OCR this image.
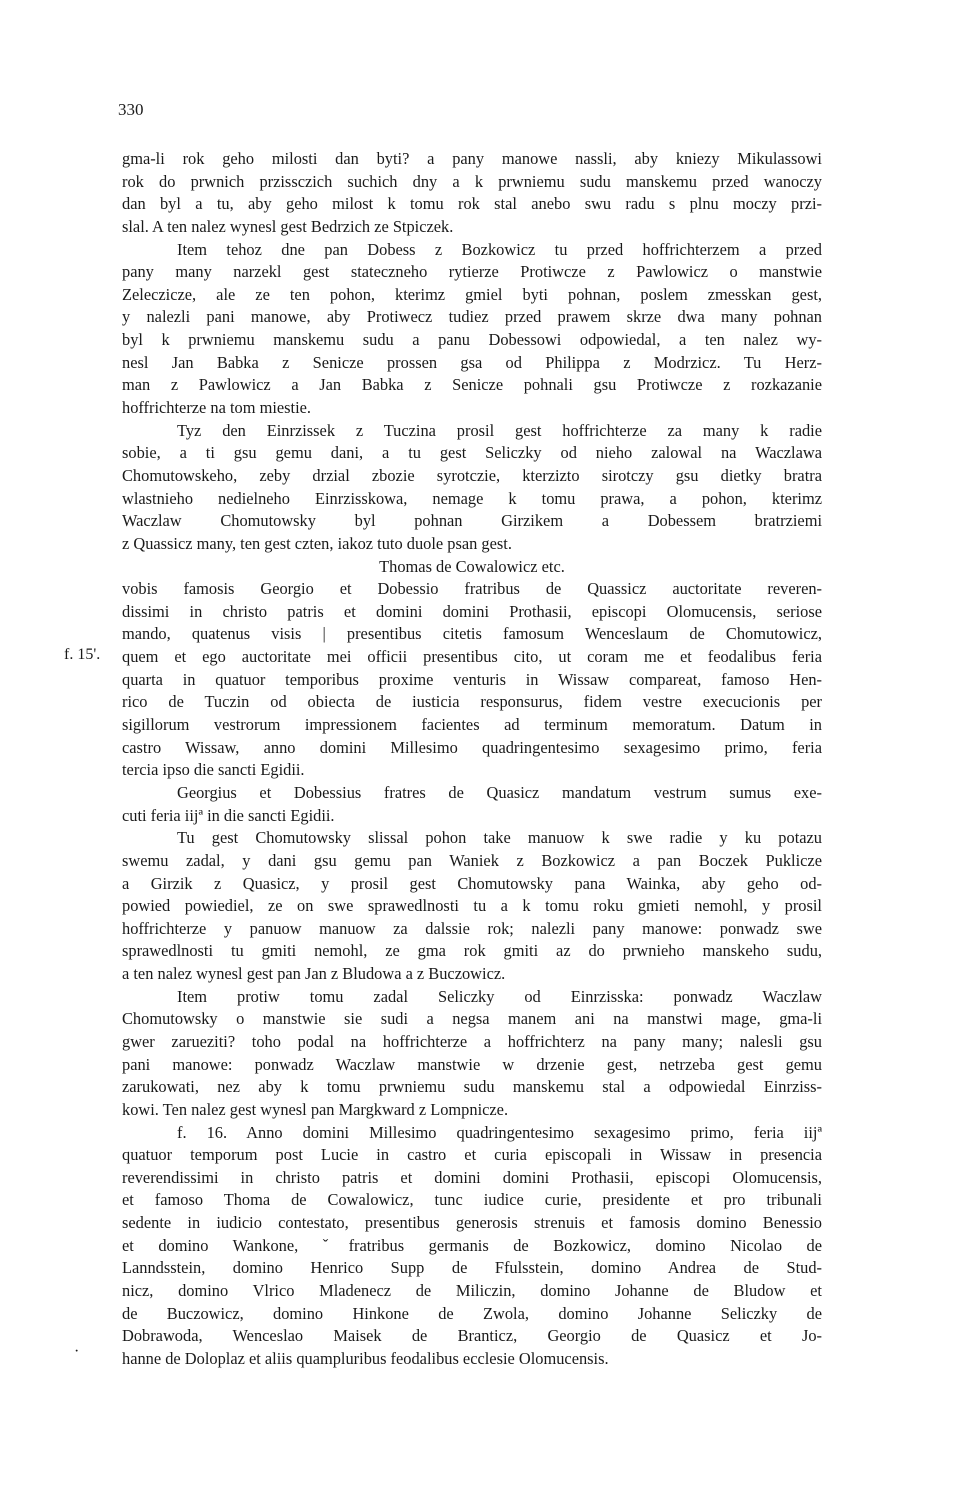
330
f. 15'.
·
gma-li rok geho milosti dan byti? a pany manowe nassli, aby kniezy Mikulassowi
rok do prwnich przissczich suchich dny a k prwniemu sudu manskemu przed wanoczy
dan byl a tu, aby geho milost k tomu rok stal anebo swu radu s plnu moczy przi-
slal. A ten nalez wynesl gest Bedrzich ze Stpiczek.
Item tehoz dne pan Dobess z Bozkowicz tu przed hoffrichterzem a przed
pany many narzekl gest stateczneho rytierze Protiwcze z Pawlowicz o manstwie
Zeleczicze, ale ze ten pohon, kterimz gmiel byti pohnan, poslem zmesskan gest,
y nalezli pani manowe, aby Protiwecz tudiez przed prawem skrze dwa many pohnan
byl k prwniemu manskemu sudu a panu Dobessowi odpowiedal, a ten nalez wy-
nesl Jan Babka z Senicze prossen gsa od Philippa z Modrzicz. Tu Herz-
man z Pawlowicz a Jan Babka z Senicze pohnali gsu Protiwcze z rozkazanie
hoffrichterze na tom miestie.
Tyz den Einrzissek z Tuczina prosil gest hoffrichterze za many k radie
sobie, a ti gsu gemu dani, a tu gest Seliczky od nieho zalowal na Waczlawa
Chomutowskeho, zeby drzial zbozie syrotczie, kterzizto sirotczy gsu dietky bratra
wlastnieho nedielneho Einrzisskowa, nemage k tomu prawa, a pohon, kterimz
Waczlaw Chomutowsky byl pohnan Girzikem a Dobessem bratrziemi
z Quassicz many, ten gest czten, iakoz tuto duole psan gest.
Thomas de Cowalowicz etc.
vobis famosis Georgio et Dobessio fratribus de Quassicz auctoritate reveren-
dissimi in christo patris et domini domini Prothasii, episcopi Olomucensis, seriose
mando, quatenus visis | presentibus citetis famosum Wenceslaum de Chomutowicz,
quem et ego auctoritate mei officii presentibus cito, ut coram me et feodalibus feria
quarta in quatuor temporibus proxime venturis in Wissaw compareat, famoso Hen-
rico de Tuczin od obiecta de iusticia responsurus, fidem vestre execucionis per
sigillorum vestrorum impressionem facientes ad terminum memoratum. Datum in
castro Wissaw, anno domini Millesimo quadringentesimo sexagesimo primo, feria
tercia ipso die sancti Egidii.
Georgius et Dobessius fratres de Quasicz mandatum vestrum sumus exe-
cuti feria iijª in die sancti Egidii.
Tu gest Chomutowsky slissal pohon take manuow k swe radie y ku potazu
swemu zadal, y dani gsu gemu pan Waniek z Bozkowicz a pan Boczek Puklicze
a Girzik z Quasicz, y prosil gest Chomutowsky pana Wainka, aby geho od-
powied powiediel, ze on swe sprawedlnosti tu a k tomu roku gmieti nemohl, y prosil
hoffrichterze y panuow manuow za dalssie rok; nalezli pany manowe: ponwadz swe
sprawedlnosti tu gmiti nemohl, ze gma rok gmiti az do prwnieho manskeho sudu,
a ten nalez wynesl gest pan Jan z Bludowa a z Buczowicz.
Item protiw tomu zadal Seliczky od Einrzisska: ponwadz Waczlaw
Chomutowsky o manstwie sie sudi a negsa manem ani na manstwi mage, gma-li
gwer zarueziti? toho podal na hoffrichterze a hoffrichterz na pany many; nalesli gsu
pani manowe: ponwadz Waczlaw manstwie w drzenie gest, netrzeba gest gemu
zarukowati, nez aby k tomu prwniemu sudu manskemu stal a odpowiedal Einrziss-
kowi. Ten nalez gest wynesl pan Margkward z Lompnicze.
f. 16. Anno domini Millesimo quadringentesimo sexagesimo primo, feria iijª
quatuor temporum post Lucie in castro et curia episcopali in Wissaw in presencia
reverendissimi in christo patris et domini domini Prothasii, episcopi Olomucensis,
et famoso Thoma de Cowalowicz, tunc iudice curie, presidente et pro tribunali
sedente in iudicio contestato, presentibus generosis strenuis et famosis domino Benessio
et domino Wankone, ˇfratribus germanis de Bozkowicz, domino Nicolao de
Lanndsstein, domino Henrico Supp de Ffulsstein, domino Andrea de Stud-
nicz, domino Vlrico Mladenecz de Miliczin, domino Johanne de Bludow et
de Buczowicz, domino Hinkone de Zwola, domino Johanne Seliczky de
Dobrawoda, Wenceslao Maisek de Branticz, Georgio de Quasicz et Jo-
hanne de Doloplaz et aliis quampluribus feodalibus ecclesie Olomucensis.
